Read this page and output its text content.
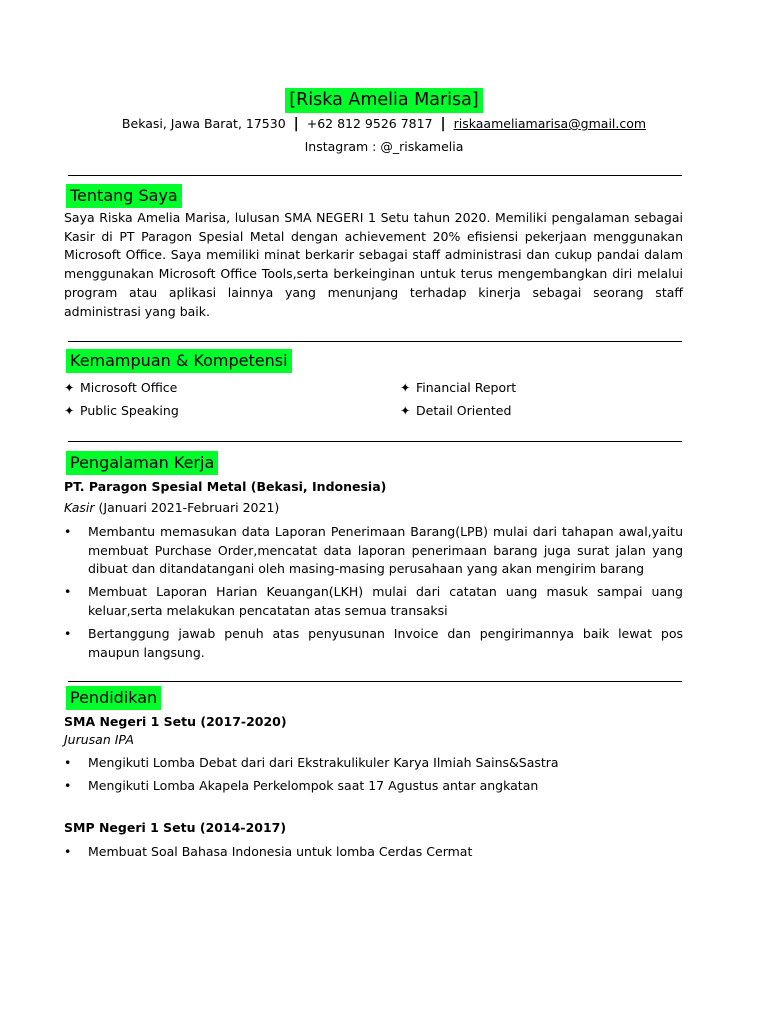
[Riska Amelia Marisa]
Bekasi, Jawa Barat, 17530 | +62 812 9526 7817 | riskaameliamarisa@gmail.com
Instagram : @_riskamelia
Tentang Saya
Saya Riska Amelia Marisa, lulusan SMA NEGERI 1 Setu tahun 2020. Memiliki pengalaman sebagai Kasir di PT Paragon Spesial Metal dengan achievement 20% efisiensi pekerjaan menggunakan Microsoft Office. Saya memiliki minat berkarir sebagai staff administrasi dan cukup pandai dalam menggunakan Microsoft Office Tools,serta berkeinginan untuk terus mengembangkan diri melalui program atau aplikasi lainnya yang menunjang terhadap kinerja sebagai seorang staff administrasi yang baik.
Kemampuan & Kompetensi
✦ Microsoft Office	✦ Financial Report
✦ Public Speaking	✦ Detail Oriented
Pengalaman Kerja
PT. Paragon Spesial Metal (Bekasi, Indonesia)
Kasir (Januari 2021-Februari 2021)
• Membantu memasukan data Laporan Penerimaan Barang(LPB) mulai dari tahapan awal,yaitu membuat Purchase Order,mencatat data laporan penerimaan barang juga surat jalan yang dibuat dan ditandatangani oleh masing-masing perusahaan yang akan mengirim barang
• Membuat Laporan Harian Keuangan(LKH) mulai dari catatan uang masuk sampai uang keluar,serta melakukan pencatatan atas semua transaksi
• Bertanggung jawab penuh atas penyusunan Invoice dan pengirimannya baik lewat pos maupun langsung.
Pendidikan
SMA Negeri 1 Setu (2017-2020)
Jurusan IPA
• Mengikuti Lomba Debat dari dari Ekstrakulikuler Karya Ilmiah Sains&Sastra
• Mengikuti Lomba Akapela Perkelompok saat 17 Agustus antar angkatan
SMP Negeri 1 Setu (2014-2017)
• Membuat Soal Bahasa Indonesia untuk lomba Cerdas Cermat
